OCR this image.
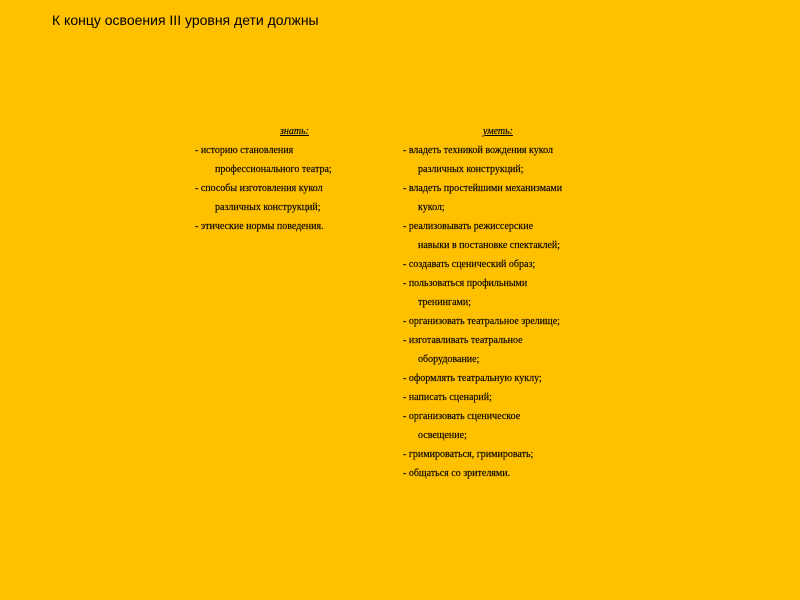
К концу освоения III уровня дети должны
знать:
- историю становления
профессионального театра;
- способы изготовления кукол
различных конструкций;
- этические нормы поведения.
уметь:
- владеть техникой вождения кукол
различных конструкций;
- владеть простейшими механизмами
кукол;
- реализовывать режиссерские
навыки в постановке спектаклей;
- создавать сценический образ;
- пользоваться профильными
тренингами;
- организовать театральное зрелище;
- изготавливать театральное
оборудование;
- оформлять театральную куклу;
- написать сценарий;
- организовать сценическое
освещение;
- гримироваться, гримировать;
- общаться со зрителями.
